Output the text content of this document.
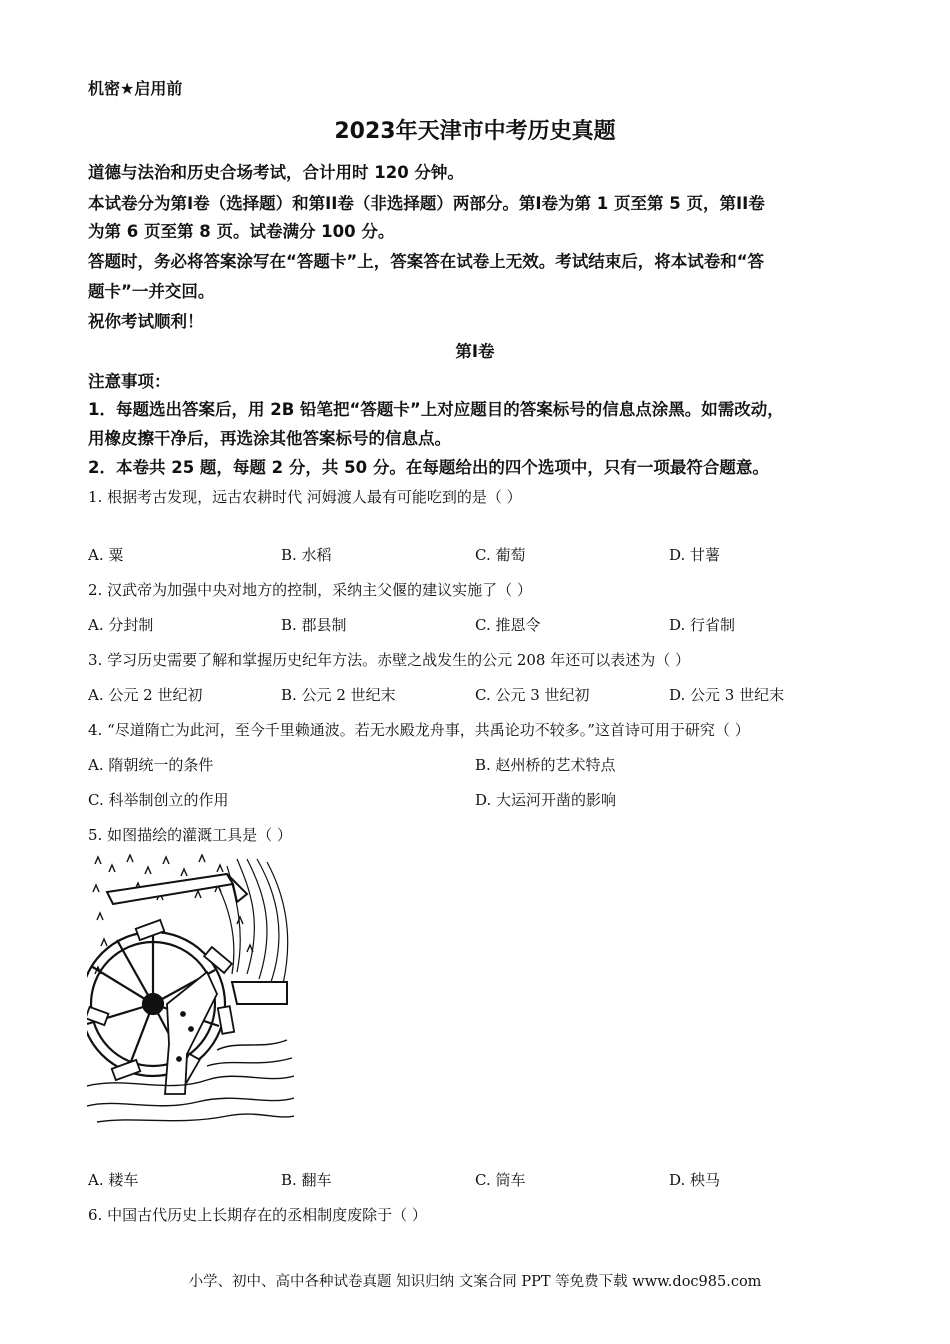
机密★启用前
2023年天津市中考历史真题
道德与法治和历史合场考试，合计用时 120 分钟。
本试卷分为第I卷（选择题）和第II卷（非选择题）两部分。第I卷为第 1 页至第 5 页，第II卷
为第 6 页至第 8 页。试卷满分 100 分。
答题时，务必将答案涂写在“答题卡”上，答案答在试卷上无效。考试结束后，将本试卷和“答
题卡”一并交回。
祝你考试顺利！
第I卷
注意事项：
1．每题选出答案后，用 2B 铅笔把“答题卡”上对应题目的答案标号的信息点涂黑。如需改动，
用橡皮擦干净后，再选涂其他答案标号的信息点。
2．本卷共 25 题，每题 2 分，共 50 分。在每题给出的四个选项中，只有一项最符合题意。
1. 根据考古发现，远古农耕时代 河姆渡人最有可能吃到的是（ ）
A. 粟	B. 水稻	C. 葡萄	D. 甘薯
2. 汉武帝为加强中央对地方的控制，采纳主父偃的建议实施了（ ）
A. 分封制	B. 郡县制	C. 推恩令	D. 行省制
3. 学习历史需要了解和掌握历史纪年方法。赤壁之战发生的公元 208 年还可以表述为（ ）
A. 公元 2 世纪初	B. 公元 2 世纪末	C. 公元 3 世纪初	D. 公元 3 世纪末
4. “尽道隋亡为此河，至今千里赖通波。若无水殿龙舟事，共禹论功不较多。”这首诗可用于研究（ ）
A. 隋朝统一的条件	B. 赵州桥的艺术特点
C. 科举制创立的作用	D. 大运河开凿的影响
5. 如图描绘的灌溉工具是（ ）
A. 耧车	B. 翻车	C. 筒车	D. 秧马
6. 中国古代历史上长期存在的丞相制度废除于（ ）
小学、初中、高中各种试卷真题 知识归纳 文案合同 PPT 等免费下载 www.doc985.com
